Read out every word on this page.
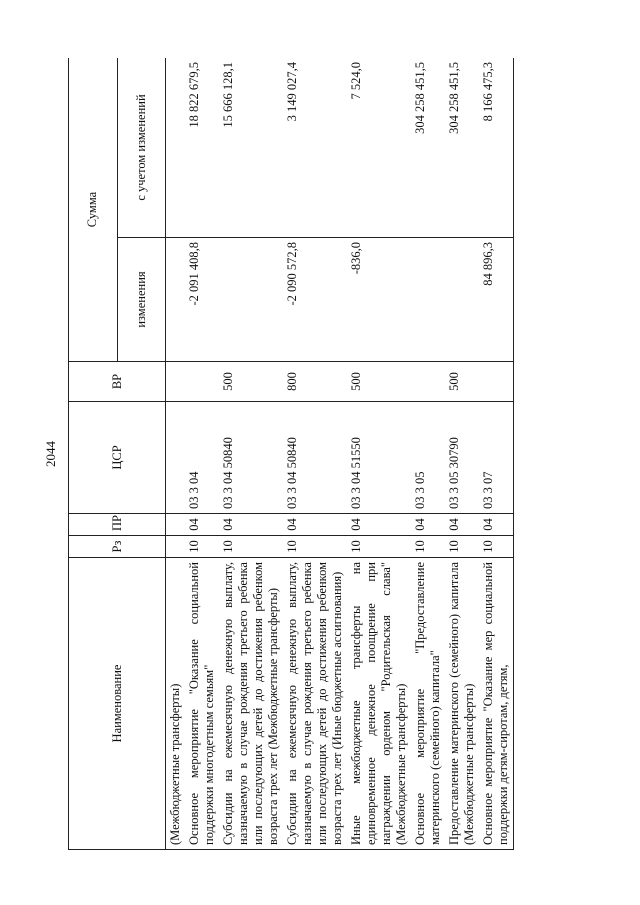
2044
Наименование	Рз	ПР	ЦСР	ВР	Сумма	
					изменения	с учетом изменений
(Межбюджетные трансферты)						
Основное мероприятие "Оказание социальной поддержки многодетным семьям"	10	04	03 3 04		-2 091 408,8	18 822 679,5
Субсидии на ежемесячную денежную выплату, назначаемую в случае рождения третьего ребенка или последующих детей до достижения ребенком возраста трех лет (Межбюджетные трансферты)	10	04	03 3 04 50840	500		15 666 128,1
Субсидии на ежемесячную денежную выплату, назначаемую в случае рождения третьего ребенка или последующих детей до достижения ребенком возраста трех лет (Иные бюджетные ассигнования)	10	04	03 3 04 50840	800	-2 090 572,8	3 149 027,4
Иные межбюджетные трансферты на единовременное денежное поощрение при награждении орденом "Родительская слава" (Межбюджетные трансферты)	10	04	03 3 04 51550	500	-836,0	7 524,0
Основное мероприятие "Предоставление материнского (семейного) капитала"	10	04	03 3 05			304 258 451,5
Предоставление материнского (семейного) капитала (Межбюджетные трансферты)	10	04	03 3 05 30790	500		304 258 451,5
Основное мероприятие "Оказание мер социальной поддержки детям-сиротам, детям,	10	04	03 3 07		84 896,3	8 166 475,3
